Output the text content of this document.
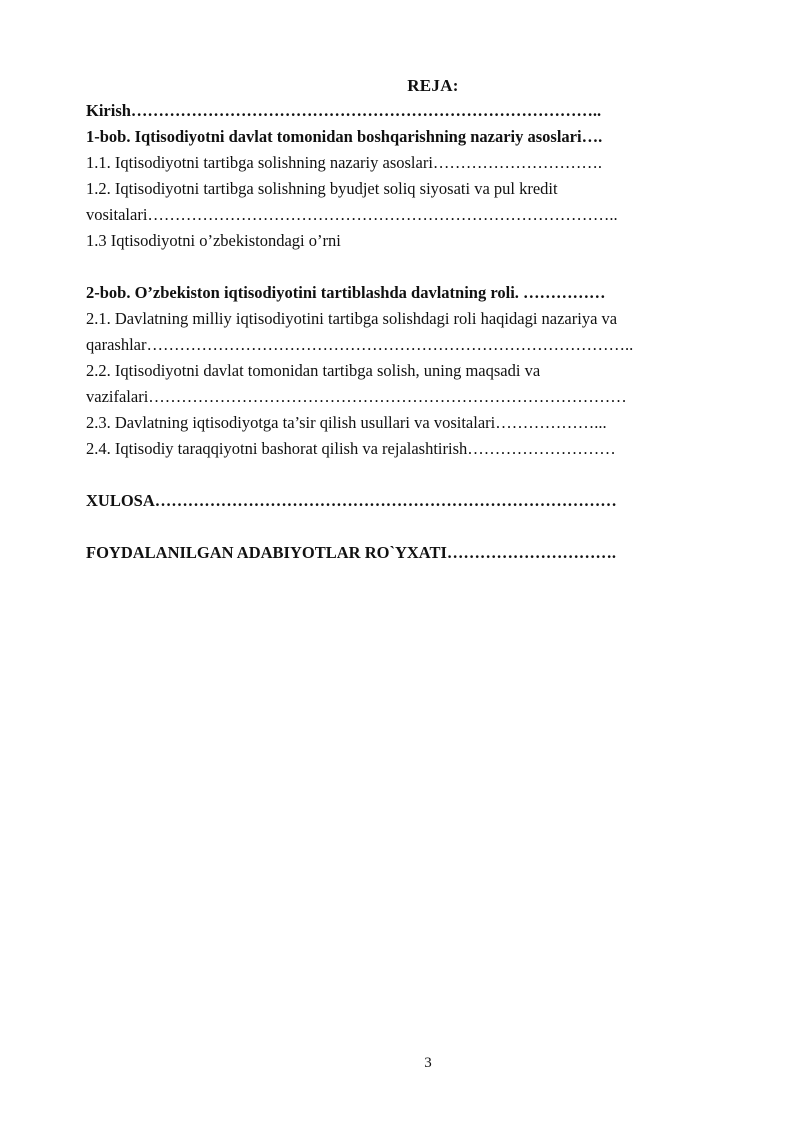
REJA:
Kirish…………………………………………………………………………..
1-bob. Iqtisodiyotni davlat tomonidan boshqarishning nazariy asoslari….
1.1. Iqtisodiyotni tartibga solishning nazariy asoslari………………………….
1.2. Iqtisodiyotni tartibga solishning byudjet soliq siyosati va pul kredit
vositalari…………………………………………………………………………..
1.3 Iqtisodiyotni o’zbekistondagi o’rni
2-bob. O’zbekiston iqtisodiyotini tartiblashda davlatning roli. ……………
2.1. Davlatning milliy iqtisodiyotini tartibga solishdagi roli haqidagi nazariya va
qarashlar……………………………………………………………………………..
2.2. Iqtisodiyotni davlat tomonidan tartibga solish, uning maqsadi va
vazifalari……………………………………………………………………………
2.3. Davlatning iqtisodiyotga ta’sir qilish usullari va vositalari………………...
2.4. Iqtisodiy taraqqiyotni bashorat qilish va rejalashtirish………………………
XULOSA…………………………………………………………………………
FOYDALANILGAN ADABIYOTLAR RO`YXATI………………………….
3
